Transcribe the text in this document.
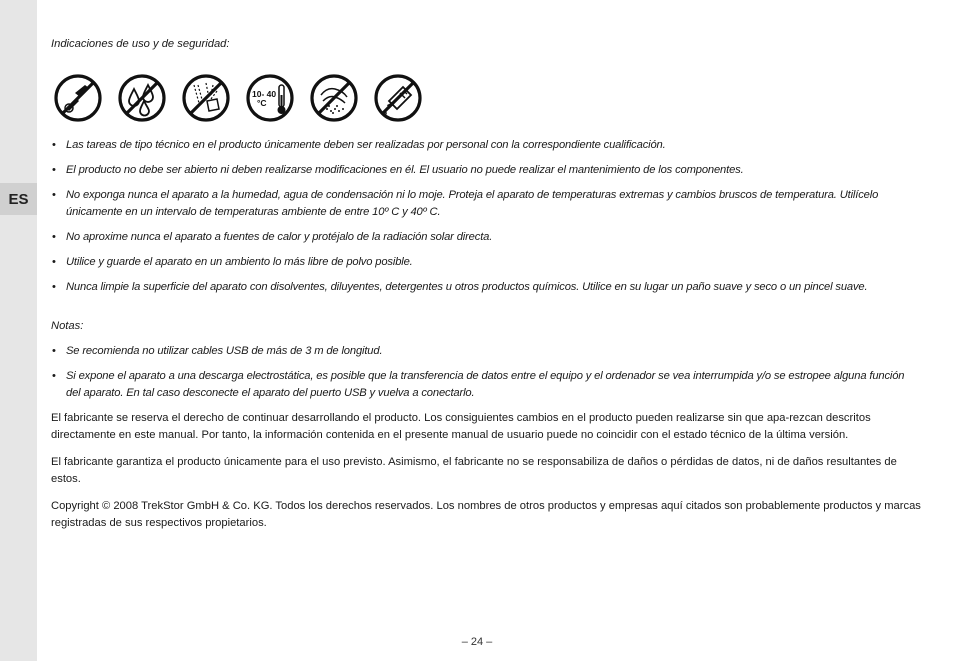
ES

Indicaciones de uso y de seguridad:

10- 40
°C
• Las tareas de tipo técnico en el producto únicamente deben ser realizadas por personal con la correspondiente cualificación.
• El producto no debe ser abierto ni deben realizarse modificaciones en él. El usuario no puede realizar el mantenimiento de los componentes.
• No exponga nunca el aparato a la humedad, agua de condensación ni lo moje. Proteja el aparato de temperaturas extremas y cambios bruscos de temperatura. Utilícelo únicamente en un intervalo de temperaturas ambiente de entre 10º C y 40º C.
• No aproxime nunca el aparato a fuentes de calor y protéjalo de la radiación solar directa.
• Utilice y guarde el aparato en un ambiento lo más libre de polvo posible.
• Nunca limpie la superficie del aparato con disolventes, diluyentes, detergentes u otros productos químicos. Utilice en su lugar un paño suave y seco o un pincel suave.

Notas:

• Se recomienda no utilizar cables USB de más de 3 m de longitud.
• Si expone el aparato a una descarga electrostática, es posible que la transferencia de datos entre el equipo y el ordenador se vea interrumpida y/o se estropee alguna función del aparato. En tal caso desconecte el aparato del puerto USB y vuelva a conectarlo.

El fabricante se reserva el derecho de continuar desarrollando el producto. Los consiguientes cambios en el producto pueden realizarse sin que apa-rezcan descritos directamente en este manual. Por tanto, la información contenida en el presente manual de usuario puede no coincidir con el estado técnico de la última versión.

El fabricante garantiza el producto únicamente para el uso previsto. Asimismo, el fabricante no se responsabiliza de daños o pérdidas de datos, ni de daños resultantes de estos.

Copyright © 2008 TrekStor GmbH & Co. KG. Todos los derechos reservados. Los nombres de otros productos y empresas aquí citados son probablemente productos y marcas registradas de sus respectivos propietarios.

– 24 –
